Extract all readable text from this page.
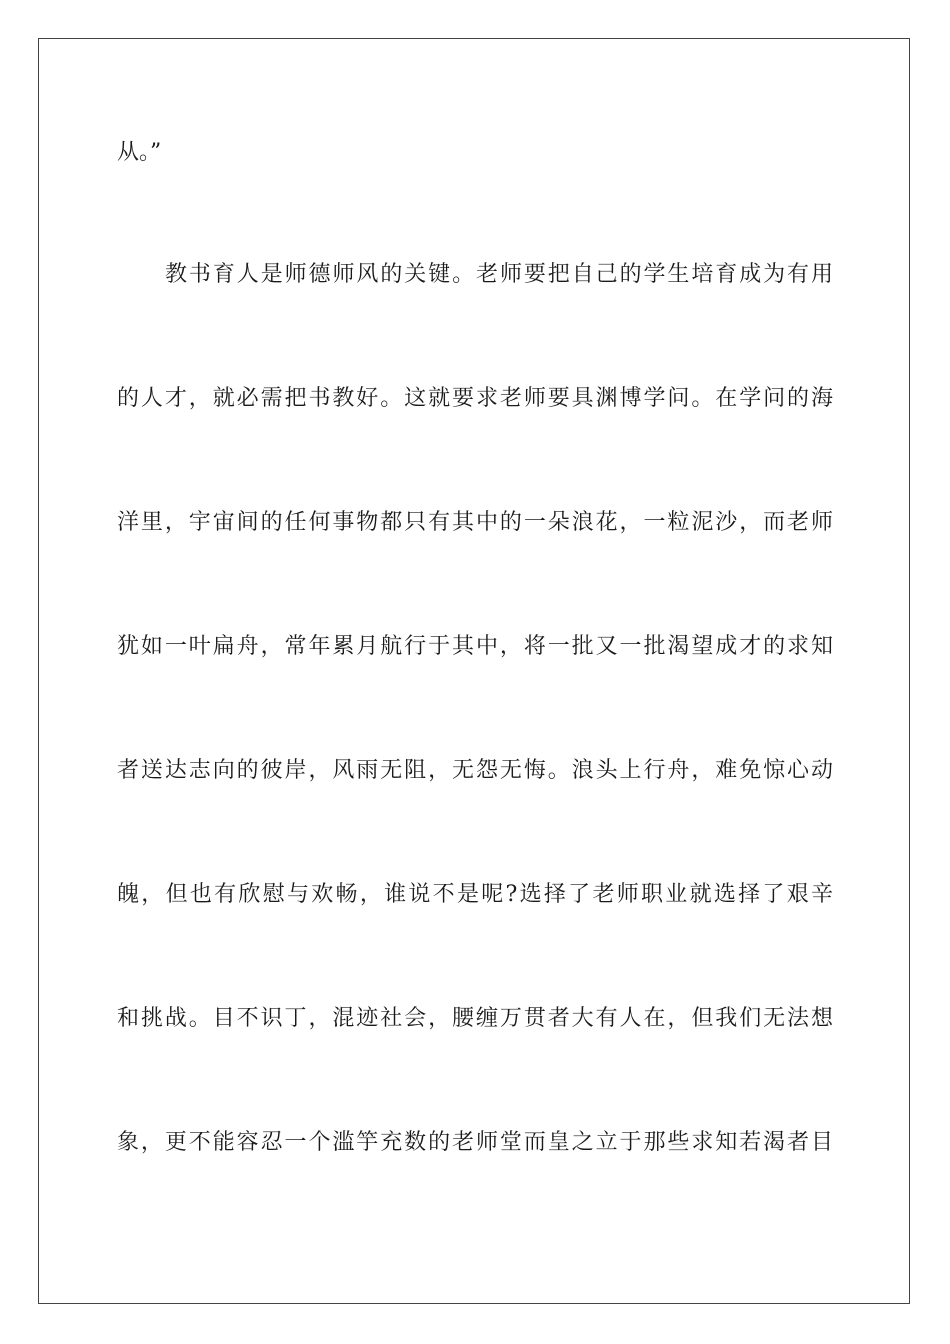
从。”
教书育人是师德师风的关键。老师要把自己的学生培育成为有用
的人才，就必需把书教好。这就要求老师要具渊博学问。在学问的海
洋里，宇宙间的任何事物都只有其中的一朵浪花，一粒泥沙，而老师
犹如一叶扁舟，常年累月航行于其中，将一批又一批渴望成才的求知
者送达志向的彼岸，风雨无阻，无怨无悔。浪头上行舟，难免惊心动
魄，但也有欣慰与欢畅，谁说不是呢?选择了老师职业就选择了艰辛
和挑战。目不识丁，混迹社会，腰缠万贯者大有人在，但我们无法想
象，更不能容忍一个滥竽充数的老师堂而皇之立于那些求知若渴者目
